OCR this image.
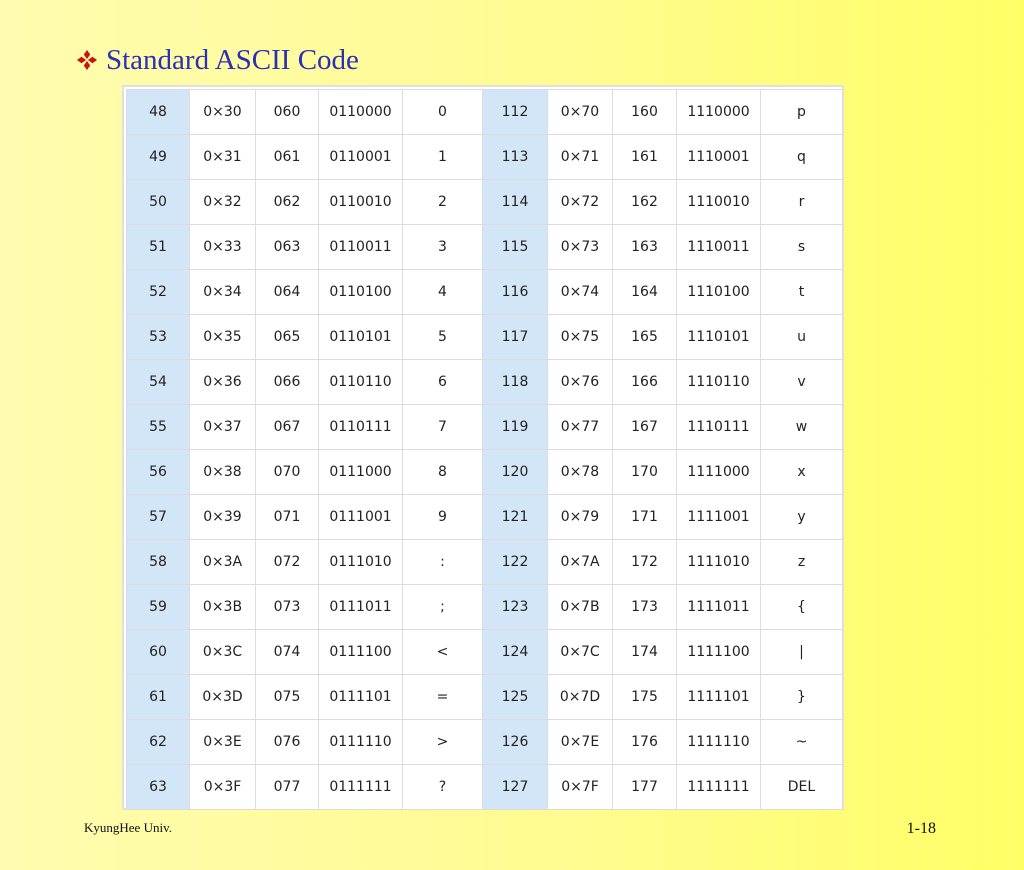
Standard ASCII Code
48	0×30	060	0110000	0	112	0×70	160	1110000	p
49	0×31	061	0110001	1	113	0×71	161	1110001	q
50	0×32	062	0110010	2	114	0×72	162	1110010	r
51	0×33	063	0110011	3	115	0×73	163	1110011	s
52	0×34	064	0110100	4	116	0×74	164	1110100	t
53	0×35	065	0110101	5	117	0×75	165	1110101	u
54	0×36	066	0110110	6	118	0×76	166	1110110	v
55	0×37	067	0110111	7	119	0×77	167	1110111	w
56	0×38	070	0111000	8	120	0×78	170	1111000	x
57	0×39	071	0111001	9	121	0×79	171	1111001	y
58	0×3A	072	0111010	:	122	0×7A	172	1111010	z
59	0×3B	073	0111011	;	123	0×7B	173	1111011	{
60	0×3C	074	0111100	<	124	0×7C	174	1111100	|
61	0×3D	075	0111101	=	125	0×7D	175	1111101	}
62	0×3E	076	0111110	>	126	0×7E	176	1111110	~
63	0×3F	077	0111111	?	127	0×7F	177	1111111	DEL
KyungHee Univ.	1-18
